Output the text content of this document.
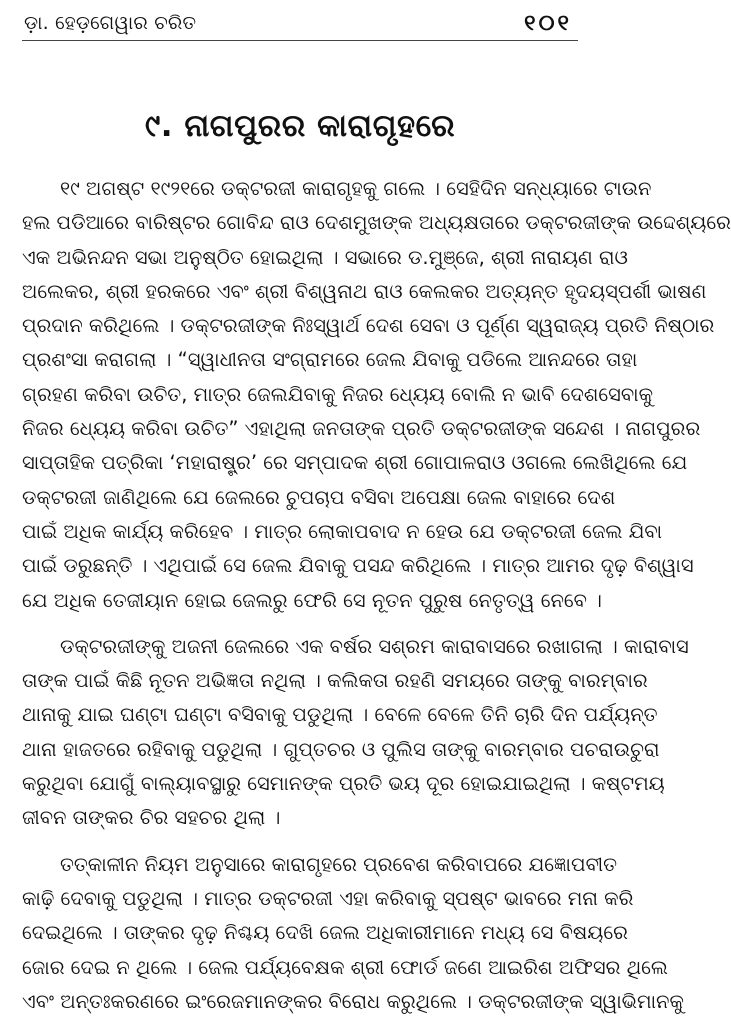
ଡ଼ା. ହେଡ଼ଗେୱାର ଚରିତ	୧୦୧
୯. ନାଗପୁରର କାରାଗୃହରେ

୧୯ ଅଗଷ୍ଟ ୧୯୨୧ରେ ଡକ୍ଟରଜୀ କାରାଗୃହକୁ ଗଲେ । ସେହିଦିନ ସନ୍ଧ୍ୟାରେ ଟାଉନ
ହଲ ପଡିଆରେ ବାରିଷ୍ଟର ଗୋବିନ୍ଦ ରାଓ ଦେଶମୁଖଙ୍କ ଅଧ୍ୟକ୍ଷତାରେ ଡକ୍ଟରଜୀଙ୍କ ଉଦ୍ଦେଶ୍ୟରେ
ଏକ ଅଭିନନ୍ଦନ ସଭା ଅନୁଷ୍ଠିତ ହୋଇଥିଲା । ସଭାରେ ଡ.ମୁଞ୍ଜେ, ଶ୍ରୀ ନାରାୟଣ ରାଓ
ଅଲେକର, ଶ୍ରୀ ହରକରେ ଏବଂ ଶ୍ରୀ ବିଶ୍ୱନାଥ ରାଓ କେଲକର ଅତ୍ୟନ୍ତ ହୃଦୟସ୍ପର୍ଶୀ ଭାଷଣ
ପ୍ରଦାନ କରିଥିଲେ । ଡକ୍ଟରଜୀଙ୍କ ନିଃସ୍ୱାର୍ଥ ଦେଶ ସେବା ଓ ପୂର୍ଣ୍ଣ ସ୍ୱରାଜ୍ୟ ପ୍ରତି ନିଷ୍ଠାର
ପ୍ରଶଂସା କରାଗଲା । “ସ୍ୱାଧୀନତା ସଂଗ୍ରାମରେ ଜେଲ ଯିବାକୁ ପଡିଲେ ଆନନ୍ଦରେ ତାହା
ଗ୍ରହଣ କରିବା ଉଚିତ, ମାତ୍ର ଜେଲଯିବାକୁ ନିଜର ଧ୍ୟେୟ ବୋଲି ନ ଭାବି ଦେଶସେବାକୁ
ନିଜର ଧ୍ୟେୟ କରିବା ଉଚିତ” ଏହାଥିଲା ଜନତାଙ୍କ ପ୍ରତି ଡକ୍ଟରଜୀଙ୍କ ସନ୍ଦେଶ । ନାଗପୁରର
ସାପ୍ତାହିକ ପତ୍ରିକା ‘ମହାରାଷ୍ଟ୍ର’ ରେ ସମ୍ପାଦକ ଶ୍ରୀ ଗୋପାଳରାଓ ଓଗଲେ ଲେଖିଥିଲେ ଯେ
ଡକ୍ଟରଜୀ ଜାଣିଥିଲେ ଯେ ଜେଲରେ ଚୁପଚାପ ବସିବା ଅପେକ୍ଷା ଜେଲ ବାହାରେ ଦେଶ
ପାଇଁ ଅଧିକ କାର୍ଯ୍ୟ କରିହେବ । ମାତ୍ର ଲୋକାପବାଦ ନ ହେଉ ଯେ ଡକ୍ଟରଜୀ ଜେଲ ଯିବା
ପାଇଁ ଡରୁଛନ୍ତି । ଏଥିପାଇଁ ସେ ଜେଲ ଯିବାକୁ ପସନ୍ଦ କରିଥିଲେ । ମାତ୍ର ଆମର ଦୃଢ଼ ବିଶ୍ୱାସ
ଯେ ଅଧିକ ତେଜୀୟାନ ହୋଇ ଜେଲରୁ ଫେରି ସେ ନୂତନ ପୁରୁଷ ନେତୃତ୍ୱ ନେବେ ।

ଡକ୍ଟରଜୀଙ୍କୁ ଅଜନୀ ଜେଲରେ ଏକ ବର୍ଷର ସଶ୍ରମ କାରାବାସରେ ରଖାଗଲା । କାରାବାସ
ତାଙ୍କ ପାଇଁ କିଛି ନୂତନ ଅଭିଜ୍ଞତା ନଥିଲା । କଲିକତା ରହଣି ସମୟରେ ତାଙ୍କୁ ବାରମ୍ବାର
ଥାନାକୁ ଯାଇ ଘଣ୍ଟା ଘଣ୍ଟା ବସିବାକୁ ପଡୁଥିଲା । ବେଳେ ବେଳେ ତିନି ଚାରି ଦିନ ପର୍ଯ୍ୟନ୍ତ
ଥାନା ହାଜତରେ ରହିବାକୁ ପଡୁଥିଲା । ଗୁପ୍ତଚର ଓ ପୁଲିସ ତାଙ୍କୁ ବାରମ୍ବାର ପଚରାଉଚୁରା
କରୁଥିବା ଯୋଗୁଁ ବାଲ୍ୟାବସ୍ଥାରୁ ସେମାନଙ୍କ ପ୍ରତି ଭୟ ଦୂର ହୋଇଯାଇଥିଲା । କଷ୍ଟମୟ
ଜୀବନ ତାଙ୍କର ଚିର ସହଚର ଥିଲା ।

ତତ୍କାଳୀନ ନିୟମ ଅନୁସାରେ କାରାଗୃହରେ ପ୍ରବେଶ କରିବାପରେ ଯଜ୍ଞୋପବୀତ
କାଢ଼ି ଦେବାକୁ ପଡୁଥିଲା । ମାତ୍ର ଡକ୍ଟରଜୀ ଏହା କରିବାକୁ ସ୍ପଷ୍ଟ ଭାବରେ ମନା କରି
ଦେଇଥିଲେ । ତାଙ୍କର ଦୃଢ଼ ନିଶ୍ଚୟ ଦେଖି ଜେଲ ଅଧିକାରୀମାନେ ମଧ୍ୟ ସେ ବିଷୟରେ
ଜୋର ଦେଇ ନ ଥିଲେ । ଜେଲ ପର୍ଯ୍ୟବେକ୍ଷକ ଶ୍ରୀ ଫୋର୍ଡ ଜଣେ ଆଇରିଶ ଅଫିସର ଥିଲେ
ଏବଂ ଅନ୍ତଃକରଣରେ ଇଂରେଜମାନଙ୍କର ବିରୋଧ କରୁଥିଲେ । ଡକ୍ଟରଜୀଙ୍କ ସ୍ୱାଭିମାନକୁ
